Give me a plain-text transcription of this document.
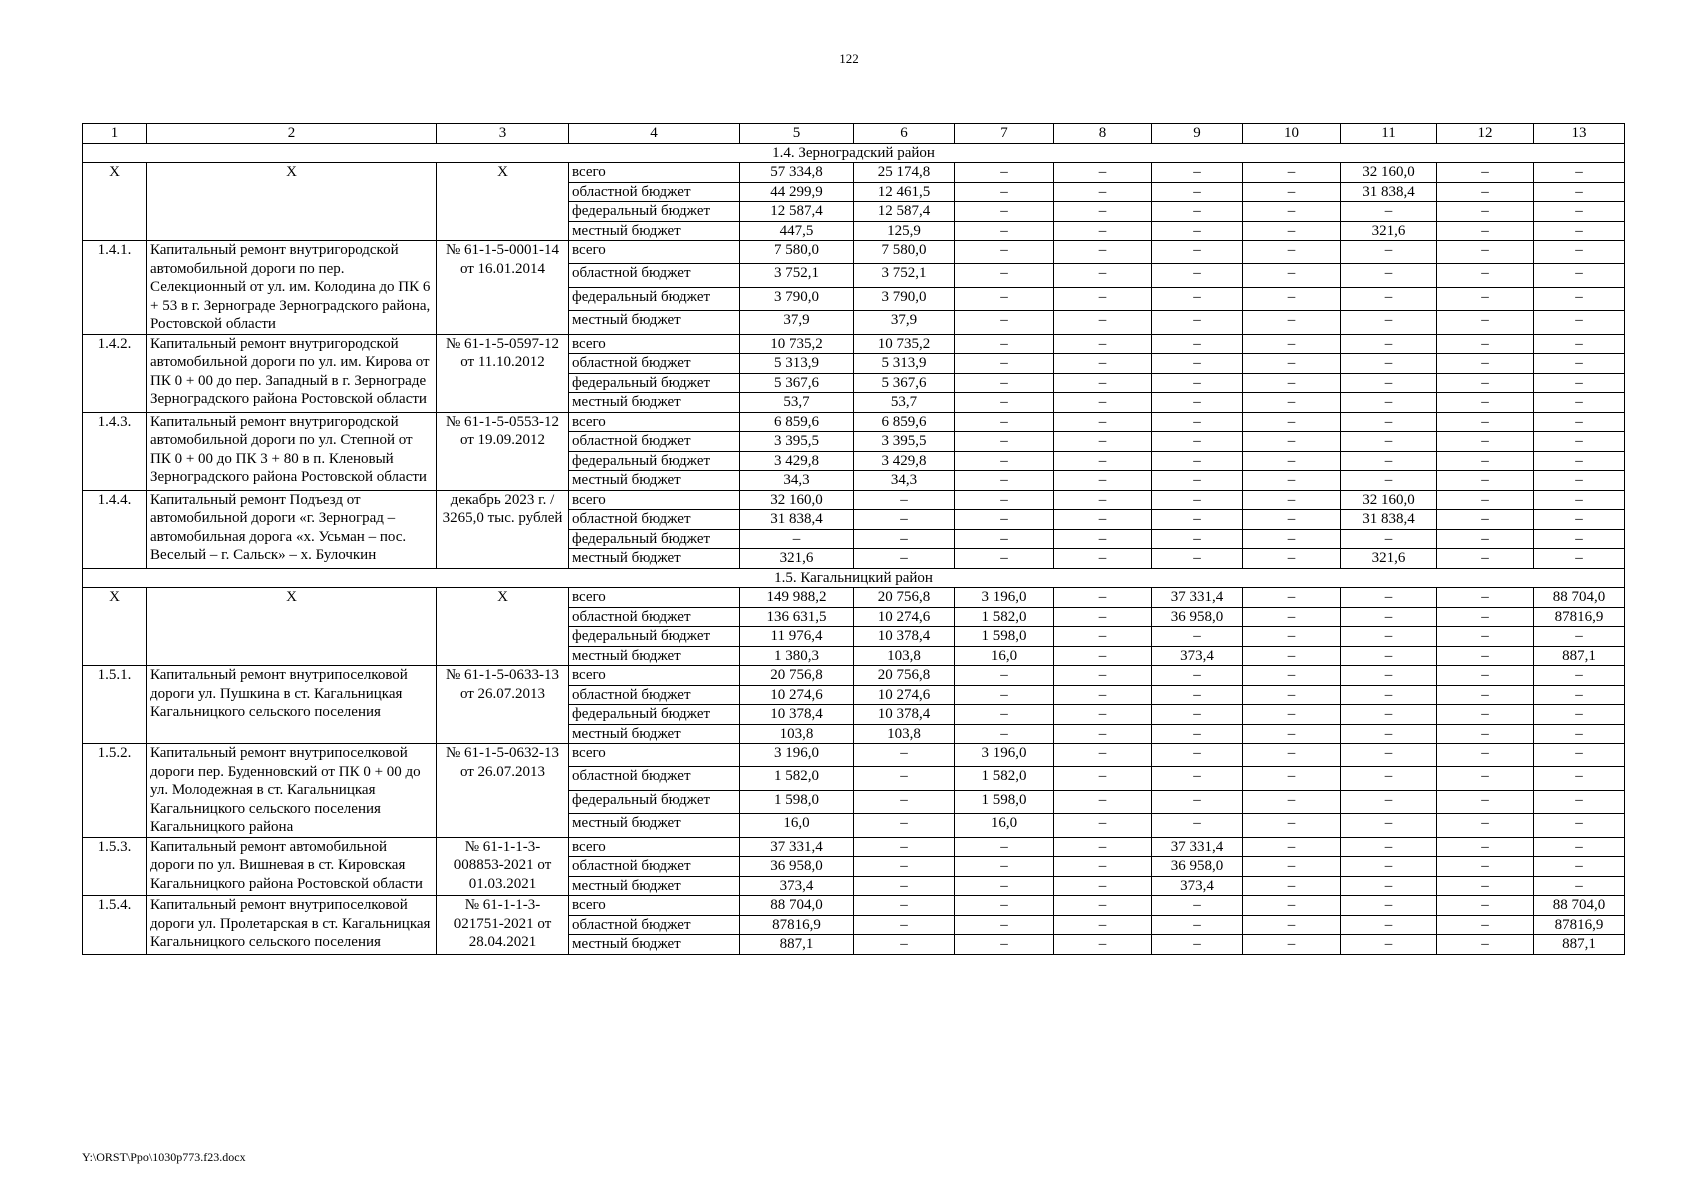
122
1	2	3	4	5	6	7	8	9	10	11	12	13
1.4. Зерноградский район												
X	X	X	всего	57 334,8	25 174,8	–	–	–	–	32 160,0	–	–
			областной бюджет	44 299,9	12 461,5	–	–	–	–	31 838,4	–	–
			федеральный бюджет	12 587,4	12 587,4	–	–	–	–	–	–	–
			местный бюджет	447,5	125,9	–	–	–	–	321,6	–	–
1.4.1.	Капитальный ремонт внутригородской автомобильной дороги по пер. Селекционный от ул. им. Колодина до ПК 6 + 53 в г. Зернограде Зерноградского района, Ростовской области	№ 61-1-5-0001-14 от 16.01.2014	всего	7 580,0	7 580,0	–	–	–	–	–	–	–
			областной бюджет	3 752,1	3 752,1	–	–	–	–	–	–	–
			федеральный бюджет	3 790,0	3 790,0	–	–	–	–	–	–	–
			местный бюджет	37,9	37,9	–	–	–	–	–	–	–
1.4.2.	Капитальный ремонт внутригородской автомобильной дороги по ул. им. Кирова от ПК 0 + 00 до пер. Западный в г. Зернограде Зерноградского района Ростовской области	№ 61-1-5-0597-12 от 11.10.2012	всего	10 735,2	10 735,2	–	–	–	–	–	–	–
			областной бюджет	5 313,9	5 313,9	–	–	–	–	–	–	–
			федеральный бюджет	5 367,6	5 367,6	–	–	–	–	–	–	–
			местный бюджет	53,7	53,7	–	–	–	–	–	–	–
1.4.3.	Капитальный ремонт внутригородской автомобильной дороги по ул. Степной от ПК 0 + 00 до ПК 3 + 80 в п. Кленовый Зерноградского района Ростовской области	№ 61-1-5-0553-12 от 19.09.2012	всего	6 859,6	6 859,6	–	–	–	–	–	–	–
			областной бюджет	3 395,5	3 395,5	–	–	–	–	–	–	–
			федеральный бюджет	3 429,8	3 429,8	–	–	–	–	–	–	–
			местный бюджет	34,3	34,3	–	–	–	–	–	–	–
1.4.4.	Капитальный ремонт Подъезд от автомобильной дороги «г. Зерноград – автомобильная дорога «х. Усьман – пос. Веселый – г. Сальск» – х. Булочкин	декабрь 2023 г. / 3265,0 тыс. рублей	всего	32 160,0	–	–	–	–	–	32 160,0	–	–
			областной бюджет	31 838,4	–	–	–	–	–	31 838,4	–	–
			федеральный бюджет	–	–	–	–	–	–	–	–	–
			местный бюджет	321,6	–	–	–	–	–	321,6	–	–
1.5. Кагальницкий район												
X	X	X	всего	149 988,2	20 756,8	3 196,0	–	37 331,4	–	–	–	88 704,0
			областной бюджет	136 631,5	10 274,6	1 582,0	–	36 958,0	–	–	–	87816,9
			федеральный бюджет	11 976,4	10 378,4	1 598,0	–	–	–	–	–	–
			местный бюджет	1 380,3	103,8	16,0	–	373,4	–	–	–	887,1
1.5.1.	Капитальный ремонт внутрипоселковой дороги ул. Пушкина в ст. Кагальницкая Кагальницкого сельского поселения	№ 61-1-5-0633-13 от 26.07.2013	всего	20 756,8	20 756,8	–	–	–	–	–	–	–
			областной бюджет	10 274,6	10 274,6	–	–	–	–	–	–	–
			федеральный бюджет	10 378,4	10 378,4	–	–	–	–	–	–	–
			местный бюджет	103,8	103,8	–	–	–	–	–	–	–
1.5.2.	Капитальный ремонт внутрипоселковой дороги пер. Буденновский от ПК 0 + 00 до ул. Молодежная в ст. Кагальницкая Кагальницкого сельского поселения Кагальницкого района	№ 61-1-5-0632-13 от 26.07.2013	всего	3 196,0	–	3 196,0	–	–	–	–	–	–
			областной бюджет	1 582,0	–	1 582,0	–	–	–	–	–	–
			федеральный бюджет	1 598,0	–	1 598,0	–	–	–	–	–	–
			местный бюджет	16,0	–	16,0	–	–	–	–	–	–
1.5.3.	Капитальный ремонт автомобильной дороги по ул. Вишневая в ст. Кировская Кагальницкого района Ростовской области	№ 61-1-1-3-008853-2021 от 01.03.2021	всего	37 331,4	–	–	–	37 331,4	–	–	–	–
			областной бюджет	36 958,0	–	–	–	36 958,0	–	–	–	–
			местный бюджет	373,4	–	–	–	373,4	–	–	–	–
1.5.4.	Капитальный ремонт внутрипоселковой дороги ул. Пролетарская в ст. Кагальницкая Кагальницкого сельского поселения	№ 61-1-1-3-021751-2021 от 28.04.2021	всего	88 704,0	–	–	–	–	–	–	–	88 704,0
			областной бюджет	87816,9	–	–	–	–	–	–	–	87816,9
			местный бюджет	887,1	–	–	–	–	–	–	–	887,1
Y:\ORST\Ppo\1030p773.f23.docx
